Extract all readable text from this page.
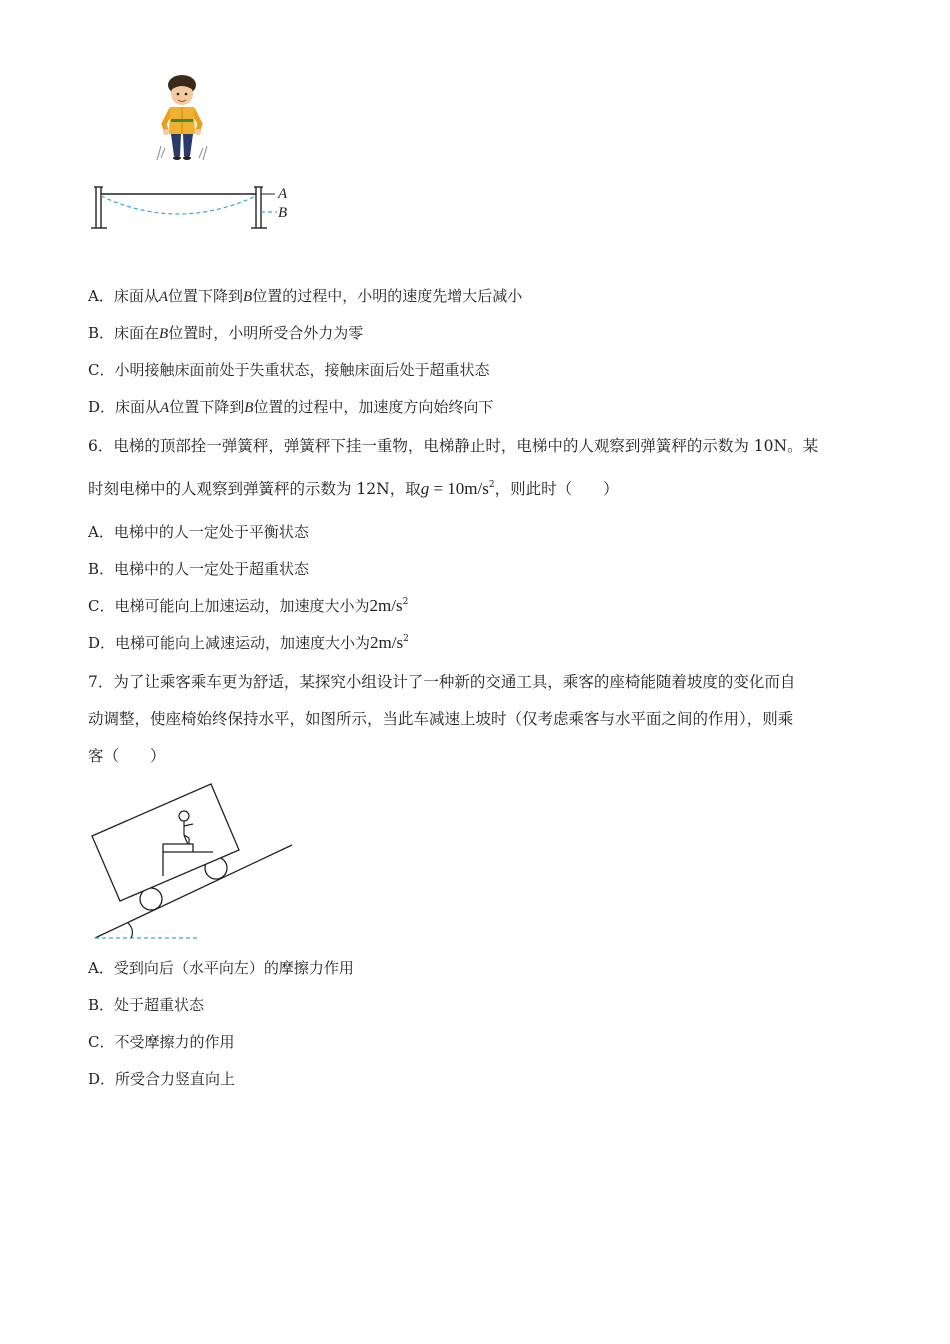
A
B
A．床面从A位置下降到B位置的过程中，小明的速度先增大后减小
B．床面在B位置时，小明所受合外力为零
C．小明接触床面前处于失重状态，接触床面后处于超重状态
D．床面从A位置下降到B位置的过程中，加速度方向始终向下
6．电梯的顶部拴一弹簧秤，弹簧秤下挂一重物，电梯静止时，电梯中的人观察到弹簧秤的示数为 10N。某
时刻电梯中的人观察到弹簧秤的示数为 12N，取$g = 10m/s^2$，则此时（　　）
A．电梯中的人一定处于平衡状态
B．电梯中的人一定处于超重状态
C．电梯可能向上加速运动，加速度大小为$2m/s^2$
D．电梯可能向上减速运动，加速度大小为$2m/s^2$
7．为了让乘客乘车更为舒适，某探究小组设计了一种新的交通工具，乘客的座椅能随着坡度的变化而自
动调整，使座椅始终保持水平，如图所示，当此车减速上坡时（仅考虑乘客与水平面之间的作用），则乘
客（　　）
A．受到向后（水平向左）的摩擦力作用
B．处于超重状态
C．不受摩擦力的作用
D．所受合力竖直向上
